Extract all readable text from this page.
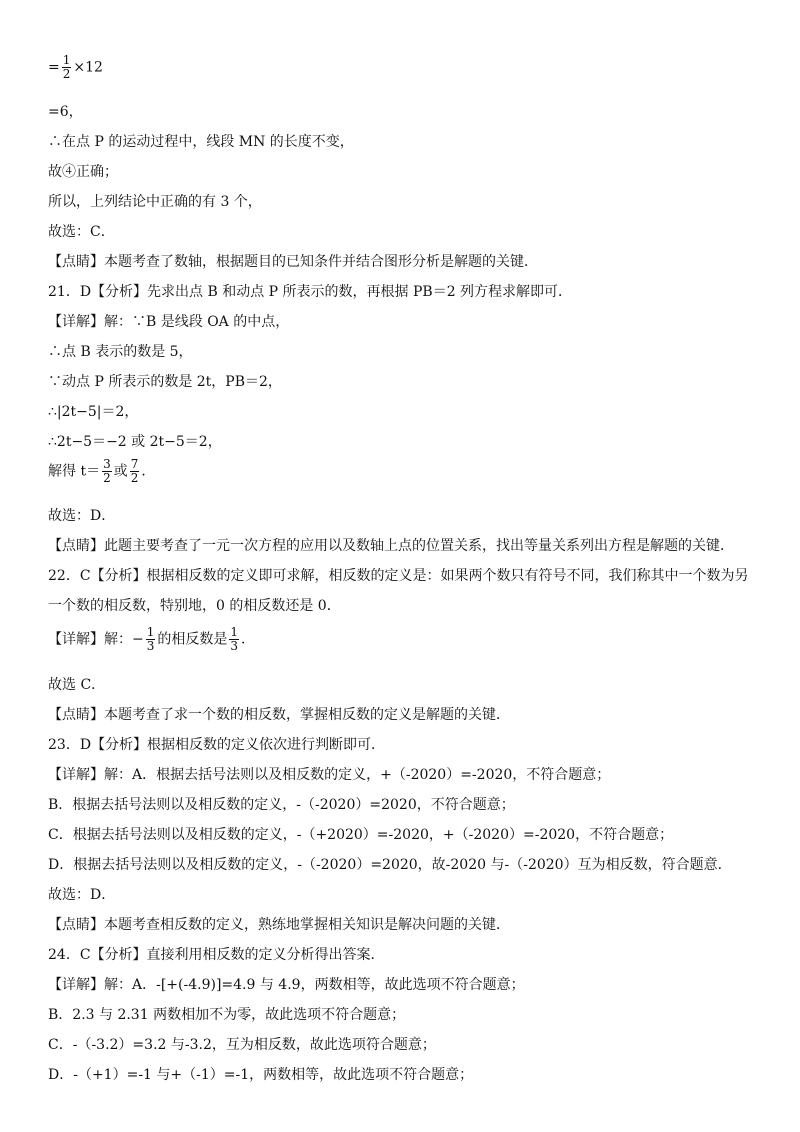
= $\frac{1}{2} \times 12$
=6，
∴在点 P 的运动过程中，线段 MN 的长度不变，
故④正确；
所以，上列结论中正确的有 3 个，
故选：C．
【点睛】本题考查了数轴，根据题目的已知条件并结合图形分析是解题的关键．
21．D【分析】先求出点 B 和动点 P 所表示的数，再根据 PB＝2 列方程求解即可．
【详解】解：∵B 是线段 OA 的中点，
∴点 B 表示的数是 5，
∵动点 P 所表示的数是 2t，PB＝2，
∴|2t−5|＝2，
∴2t−5＝−2 或 2t−5＝2，
解得 $t= \frac{3}{2}$ 或 $\frac{7}{2}$ ．
故选：D．
【点睛】此题主要考查了一元一次方程的应用以及数轴上点的位置关系，找出等量关系列出方程是解题的关键．
22．C【分析】根据相反数的定义即可求解，相反数的定义是：如果两个数只有符号不同，我们称其中一个数为另
一个数的相反数，特别地，0 的相反数还是 0．
【详解】解：− $\frac{1}{3}$ 的相反数是 $\frac{1}{3}$ ．
故选 C．
【点睛】本题考查了求一个数的相反数，掌握相反数的定义是解题的关键．
23．D【分析】根据相反数的定义依次进行判断即可．
【详解】解：A．根据去括号法则以及相反数的定义，+（-2020）=-2020，不符合题意；
B．根据去括号法则以及相反数的定义，-（-2020）=2020，不符合题意；
C．根据去括号法则以及相反数的定义，-（+2020）=-2020，+（-2020）=-2020，不符合题意；
D．根据去括号法则以及相反数的定义，-（-2020）=2020，故-2020 与-（-2020）互为相反数，符合题意．
故选：D．
【点睛】本题考查相反数的定义，熟练地掌握相关知识是解决问题的关键．
24．C【分析】直接利用相反数的定义分析得出答案．
【详解】解：A．-[+(-4.9)]=4.9 与 4.9，两数相等，故此选项不符合题意；
B．2.3 与 2.31 两数相加不为零，故此选项不符合题意；
C．-（-3.2）=3.2 与-3.2，互为相反数，故此选项符合题意；
D．-（+1）=-1 与+（-1）=-1，两数相等，故此选项不符合题意；
